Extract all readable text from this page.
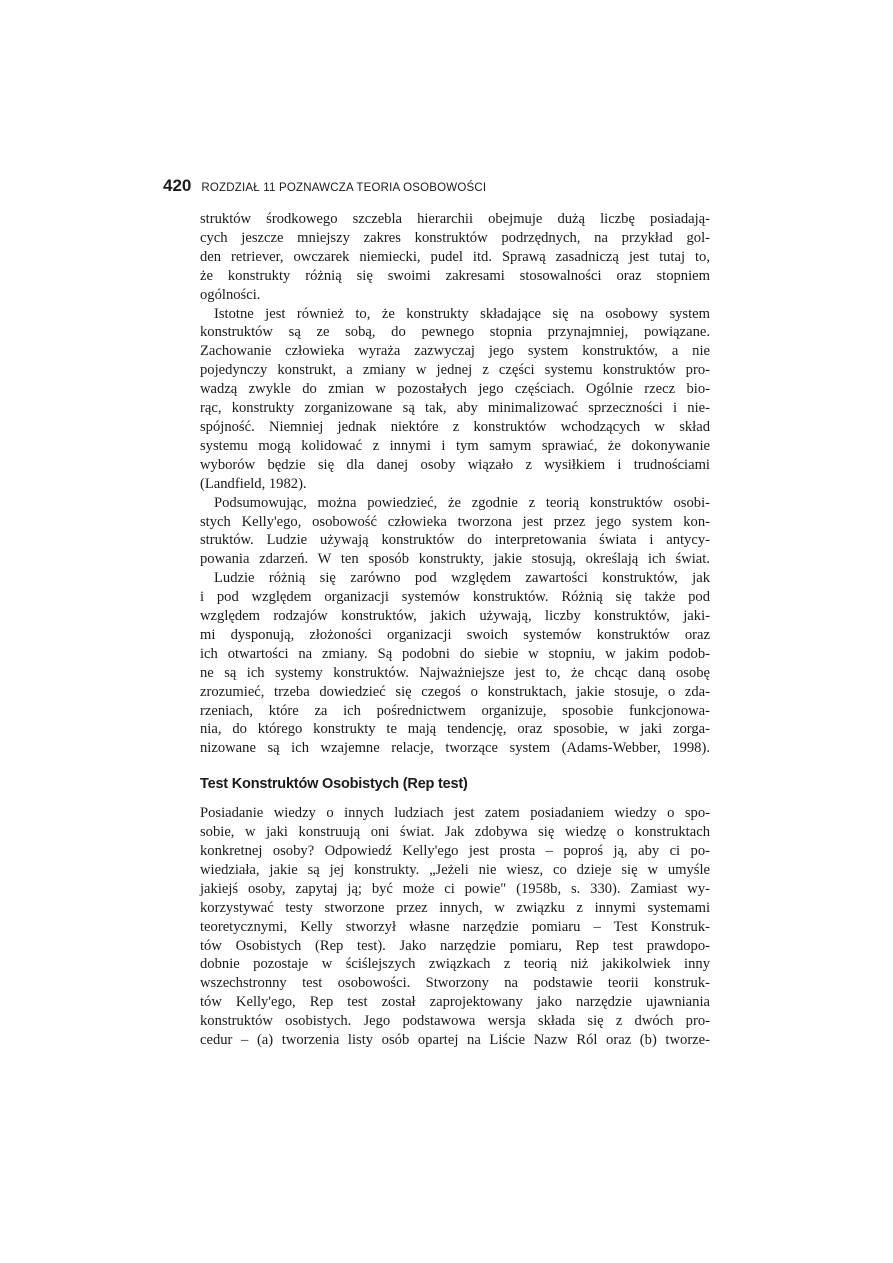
420 ROZDZIAŁ 11 POZNAWCZA TEORIA OSOBOWOŚCI
struktów środkowego szczebla hierarchii obejmuje dużą liczbę posiadają-
cych jeszcze mniejszy zakres konstruktów podrzędnych, na przykład gol-
den retriever, owczarek niemiecki, pudel itd. Sprawą zasadniczą jest tutaj to,
że konstrukty różnią się swoimi zakresami stosowalności oraz stopniem
ogólności.
Istotne jest również to, że konstrukty składające się na osobowy system
konstruktów są ze sobą, do pewnego stopnia przynajmniej, powiązane.
Zachowanie człowieka wyraża zazwyczaj jego system konstruktów, a nie
pojedynczy konstrukt, a zmiany w jednej z części systemu konstruktów pro-
wadzą zwykle do zmian w pozostałych jego częściach. Ogólnie rzecz bio-
rąc, konstrukty zorganizowane są tak, aby minimalizować sprzeczności i nie-
spójność. Niemniej jednak niektóre z konstruktów wchodzących w skład
systemu mogą kolidować z innymi i tym samym sprawiać, że dokonywanie
wyborów będzie się dla danej osoby wiązało z wysiłkiem i trudnościami
(Landfield, 1982).
Podsumowując, można powiedzieć, że zgodnie z teorią konstruktów osobi-
stych Kelly'ego, osobowość człowieka tworzona jest przez jego system kon-
struktów. Ludzie używają konstruktów do interpretowania świata i antycy-
powania zdarzeń. W ten sposób konstrukty, jakie stosują, określają ich świat.
Ludzie różnią się zarówno pod względem zawartości konstruktów, jak
i pod względem organizacji systemów konstruktów. Różnią się także pod
względem rodzajów konstruktów, jakich używają, liczby konstruktów, jaki-
mi dysponują, złożoności organizacji swoich systemów konstruktów oraz
ich otwartości na zmiany. Są podobni do siebie w stopniu, w jakim podob-
ne są ich systemy konstruktów. Najważniejsze jest to, że chcąc daną osobę
zrozumieć, trzeba dowiedzieć się czegoś o konstruktach, jakie stosuje, o zda-
rzeniach, które za ich pośrednictwem organizuje, sposobie funkcjonowa-
nia, do którego konstrukty te mają tendencję, oraz sposobie, w jaki zorga-
nizowane są ich wzajemne relacje, tworzące system (Adams-Webber, 1998).
Test Konstruktów Osobistych (Rep test)
Posiadanie wiedzy o innych ludziach jest zatem posiadaniem wiedzy o spo-
sobie, w jaki konstruują oni świat. Jak zdobywa się wiedzę o konstruktach
konkretnej osoby? Odpowiedź Kelly'ego jest prosta – poproś ją, aby ci po-
wiedziała, jakie są jej konstrukty. „Jeżeli nie wiesz, co dzieje się w umyśle
jakiejś osoby, zapytaj ją; być może ci powie" (1958b, s. 330). Zamiast wy-
korzystywać testy stworzone przez innych, w związku z innymi systemami
teoretycznymi, Kelly stworzył własne narzędzie pomiaru – Test Konstruk-
tów Osobistych (Rep test). Jako narzędzie pomiaru, Rep test prawdopo-
dobnie pozostaje w ściślejszych związkach z teorią niż jakikolwiek inny
wszechstronny test osobowości. Stworzony na podstawie teorii konstruk-
tów Kelly'ego, Rep test został zaprojektowany jako narzędzie ujawniania
konstruktów osobistych. Jego podstawowa wersja składa się z dwóch pro-
cedur – (a) tworzenia listy osób opartej na Liście Nazw Ról oraz (b) tworze-
